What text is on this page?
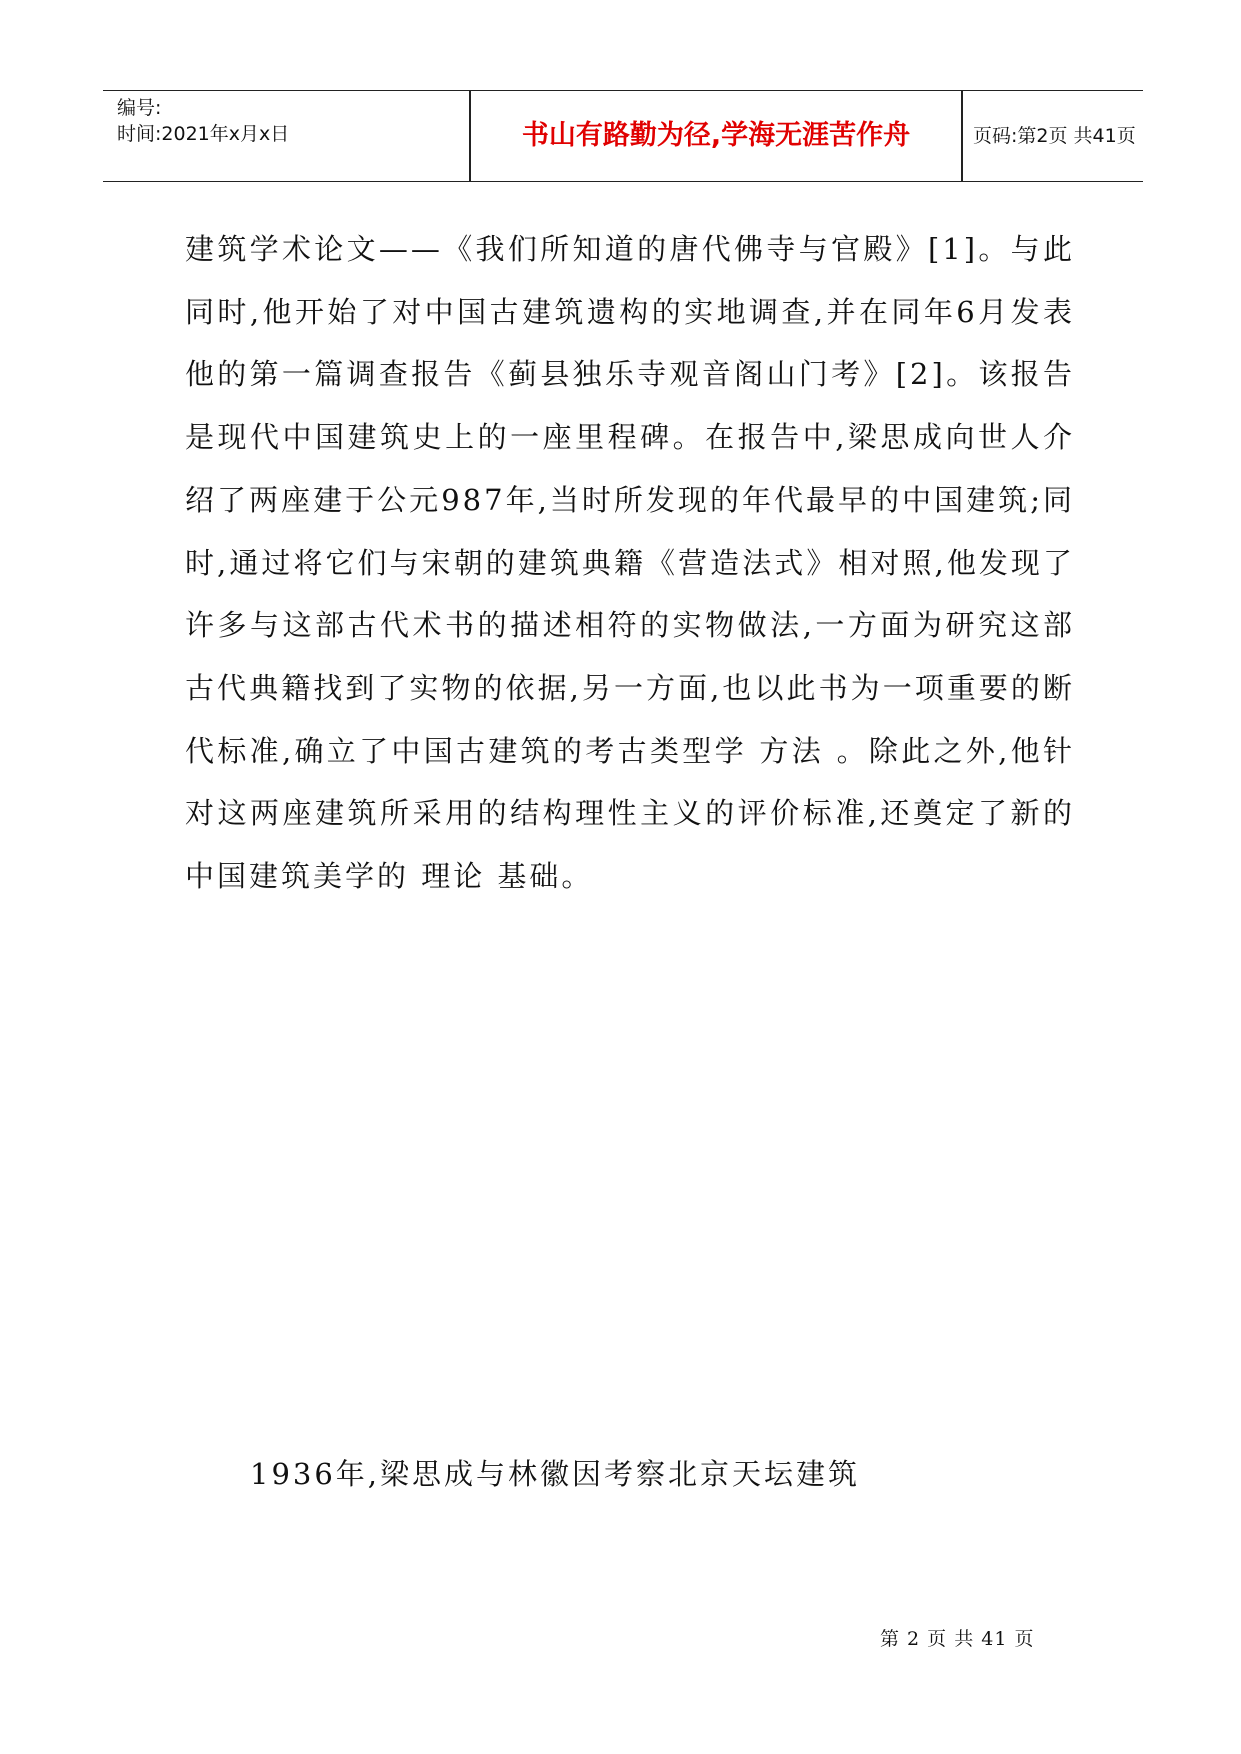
编号:
时间:2021年x月x日	书山有路勤为径,学海无涯苦作舟	页码:第2页 共41页

建筑学术论文——《我们所知道的唐代佛寺与官殿》[1]。与此同时,他开始了对中国古建筑遗构的实地调查,并在同年6月发表他的第一篇调查报告《蓟县独乐寺观音阁山门考》[2]。该报告是现代中国建筑史上的一座里程碑。在报告中,梁思成向世人介绍了两座建于公元987年,当时所发现的年代最早的中国建筑;同时,通过将它们与宋朝的建筑典籍《营造法式》相对照,他发现了许多与这部古代术书的描述相符的实物做法,一方面为研究这部古代典籍找到了实物的依据,另一方面,也以此书为一项重要的断代标准,确立了中国古建筑的考古类型学 方法 。除此之外,他针对这两座建筑所采用的结构理性主义的评价标准,还奠定了新的中国建筑美学的 理论 基础。

1936年,梁思成与林徽因考察北京天坛建筑

第 2 页 共 41 页
